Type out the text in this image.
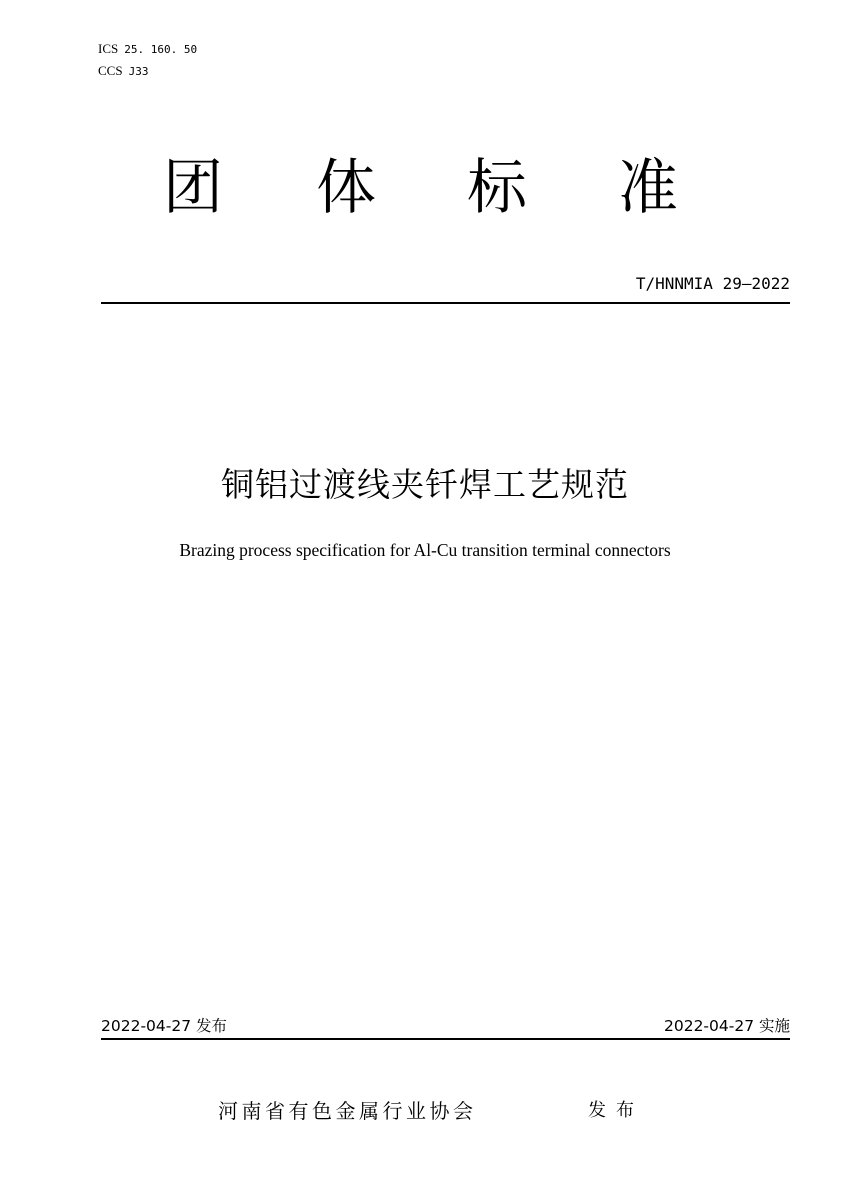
ICS 25. 160. 50
CCS J33
团 体 标 准
T/HNNMIA 29—2022
铜铝过渡线夹钎焊工艺规范
Brazing process specification for Al-Cu transition terminal connectors
2022-04-27 发布	2022-04-27 实施
河南省有色金属行业协会	发布
